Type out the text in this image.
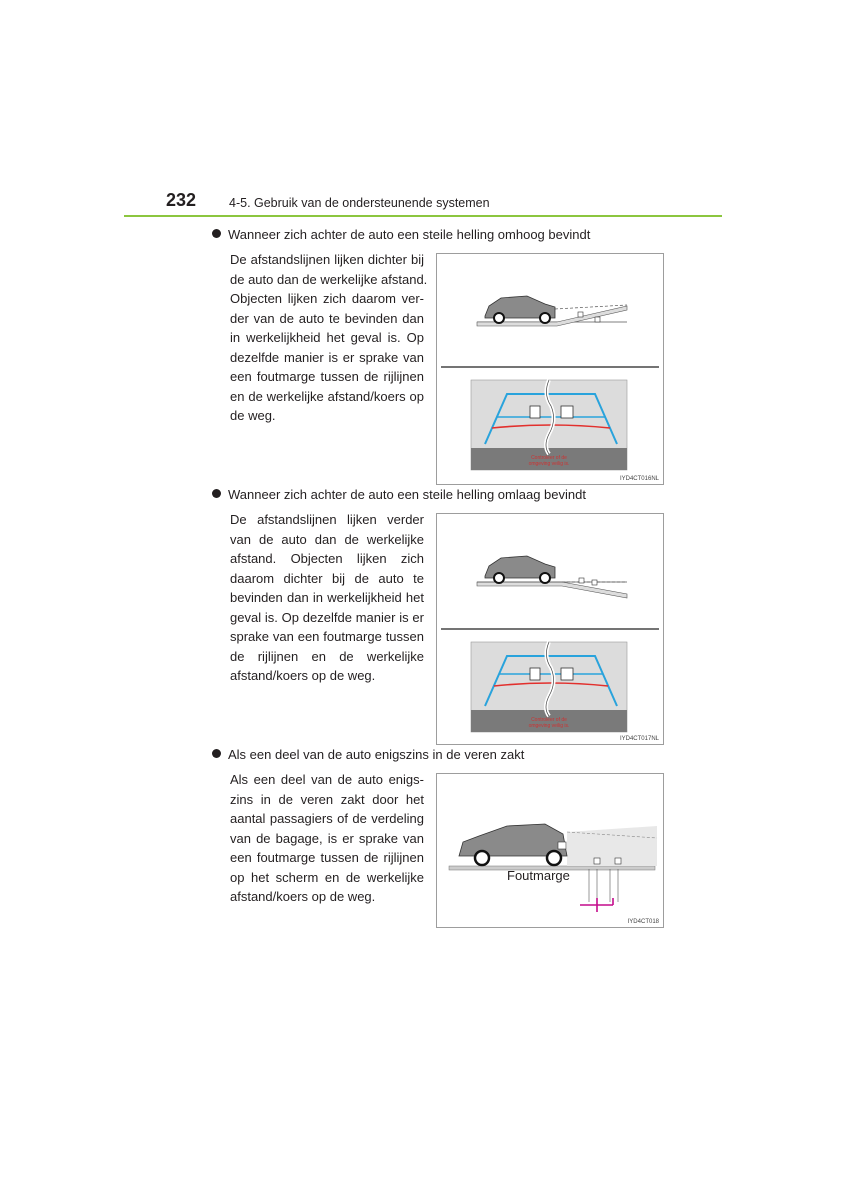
232	4-5. Gebruik van de ondersteunende systemen
Wanneer zich achter de auto een steile helling omhoog bevindt
De afstandslijnen lijken dichter bij
de auto dan de werkelijke afstand.
Objecten lijken zich daarom ver-
der van de auto te bevinden dan
in werkelijkheid het geval is. Op
dezelfde manier is er sprake van
een foutmarge tussen de rijlijnen
en de werkelijke afstand/koers op
de weg.
Controleer of de
omgeving veilig is.
IYD4CT016NL
Wanneer zich achter de auto een steile helling omlaag bevindt
De afstandslijnen lijken verder
van de auto dan de werkelijke
afstand. Objecten lijken zich
daarom dichter bij de auto te
bevinden dan in werkelijkheid het
geval is. Op dezelfde manier is er
sprake van een foutmarge tussen
de rijlijnen en de werkelijke
afstand/koers op de weg.
Controleer of de
omgeving veilig is.
IYD4CT017NL
Als een deel van de auto enigszins in de veren zakt
Als een deel van de auto enigs-
zins in de veren zakt door het
aantal passagiers of de verdeling
van de bagage, is er sprake van
een foutmarge tussen de rijlijnen
op het scherm en de werkelijke
afstand/koers op de weg.
Foutmarge
IYD4CT018
